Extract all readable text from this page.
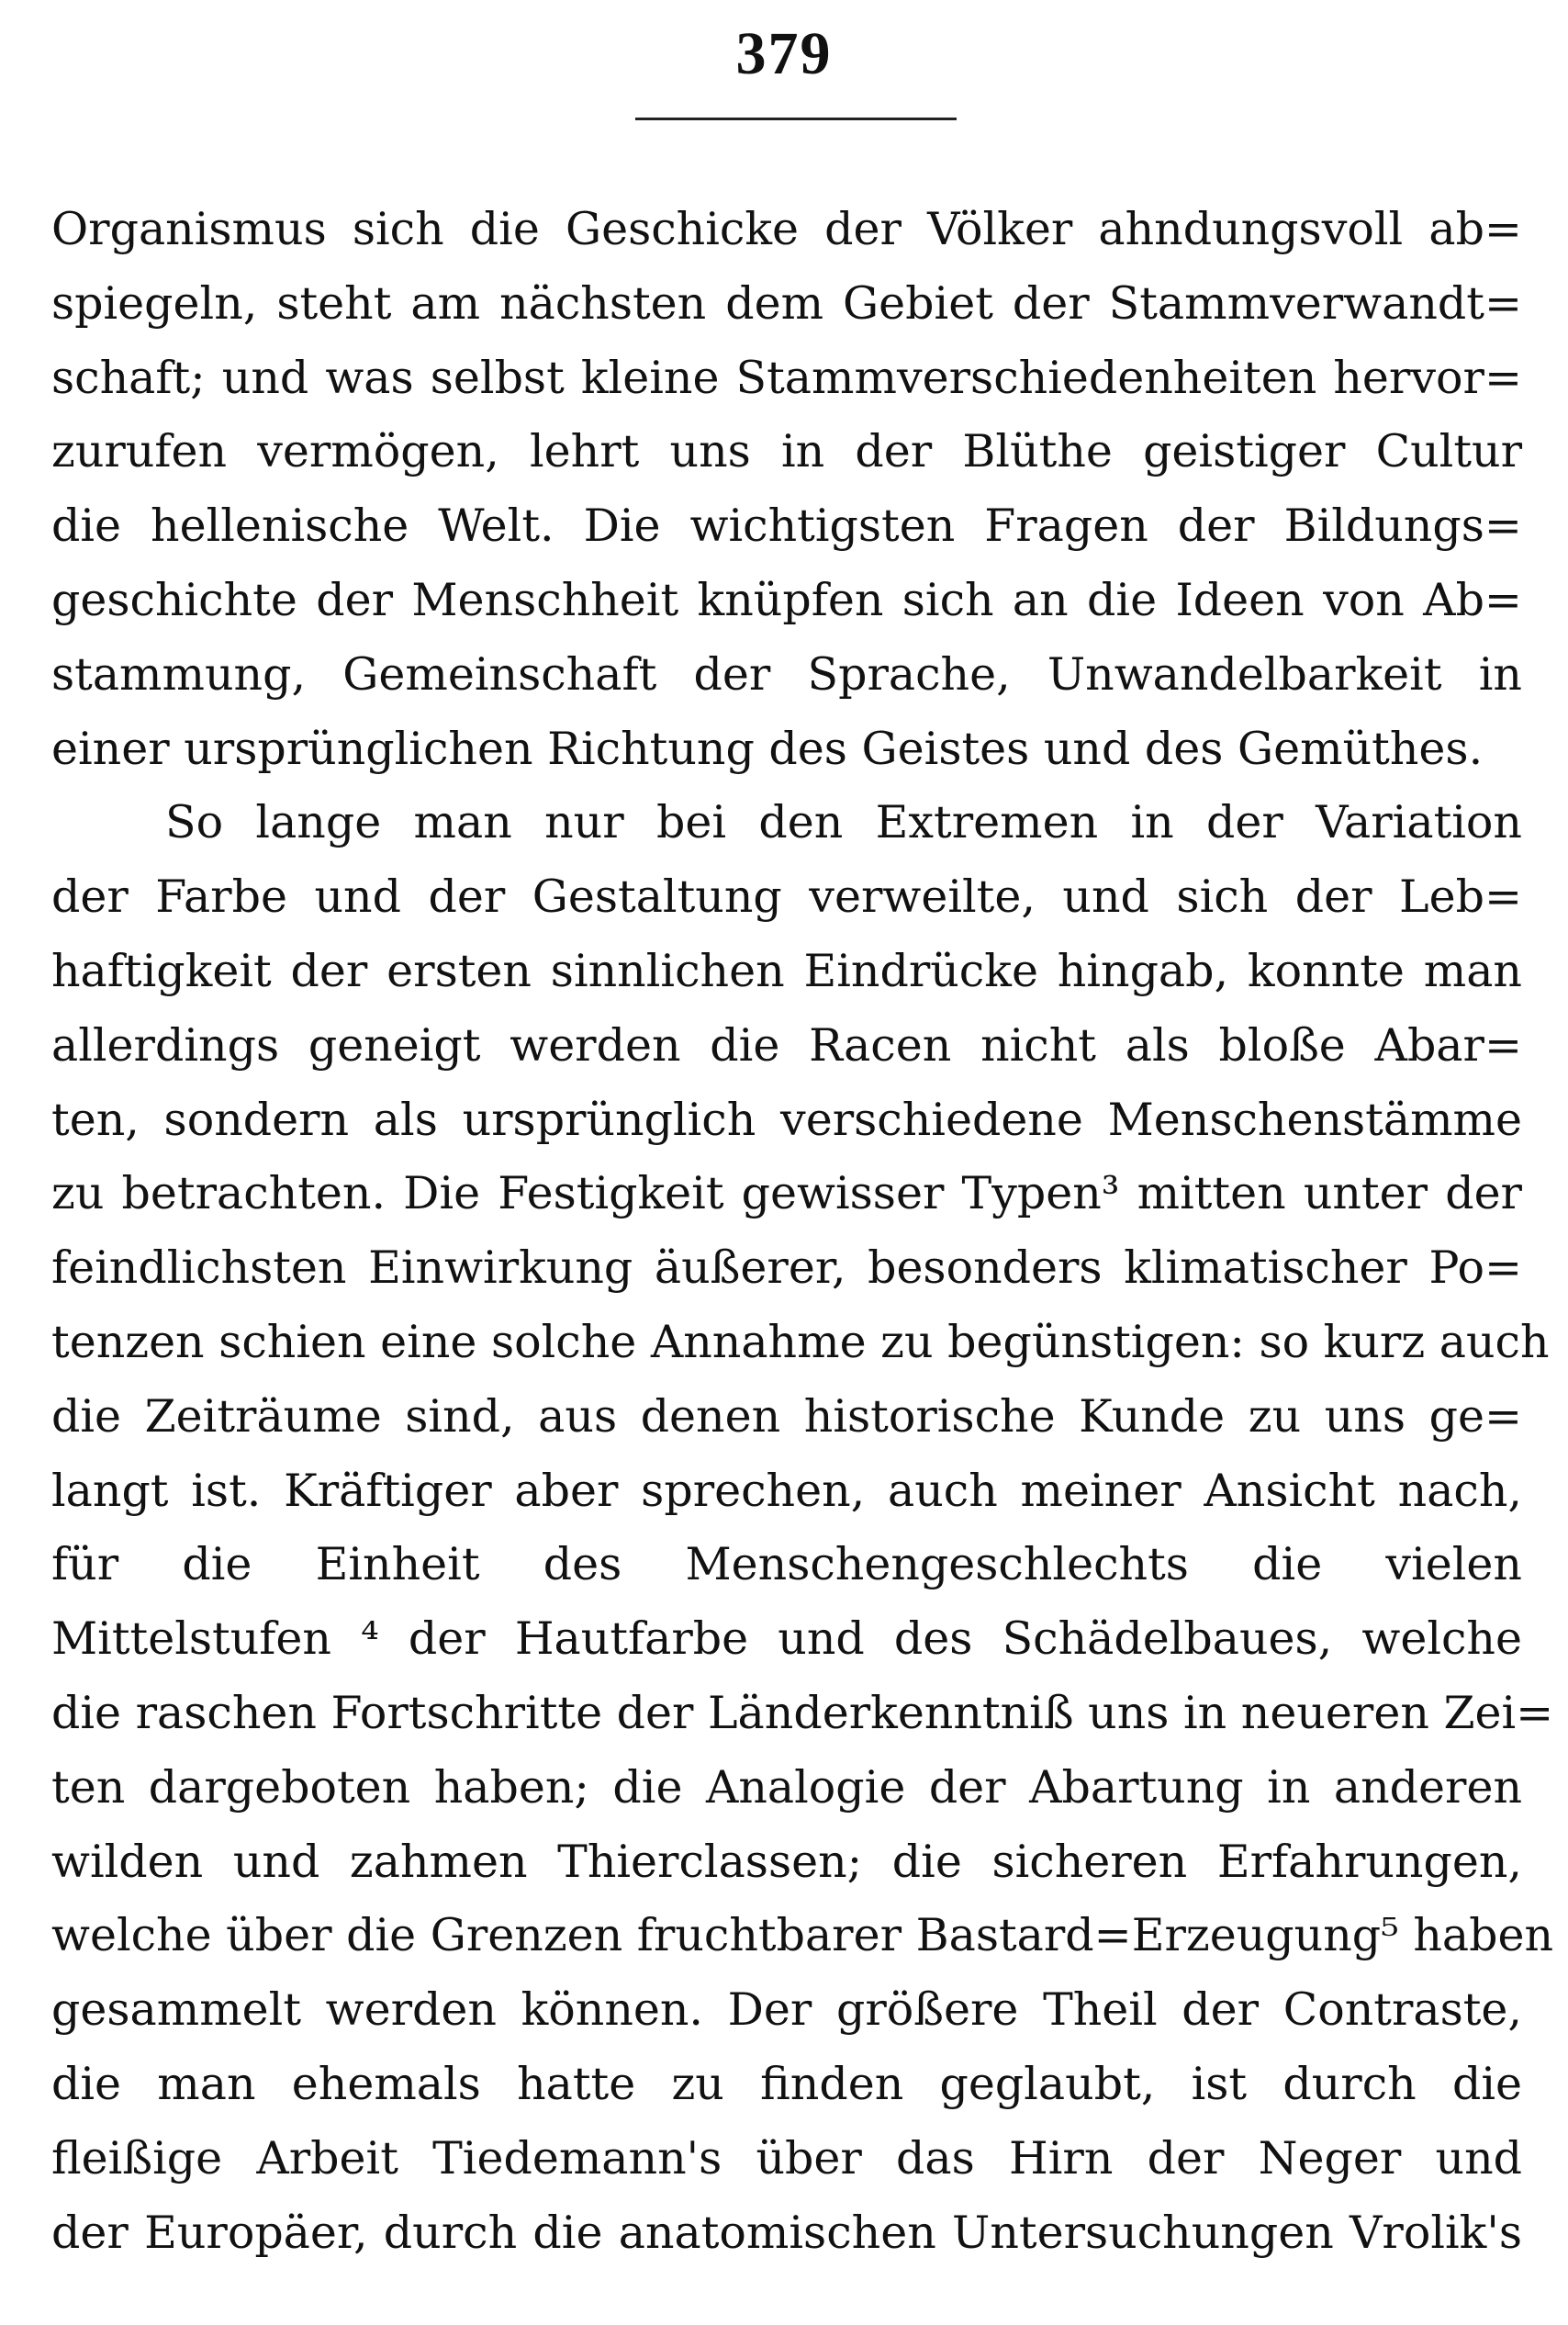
379
Organismus sich die Geschicke der Völker ahndungsvoll ab=
spiegeln, steht am nächsten dem Gebiet der Stammverwandt=
schaft; und was selbst kleine Stammverschiedenheiten hervor=
zurufen vermögen, lehrt uns in der Blüthe geistiger Cultur
die hellenische Welt. Die wichtigsten Fragen der Bildungs=
geschichte der Menschheit knüpfen sich an die Ideen von Ab=
stammung, Gemeinschaft der Sprache, Unwandelbarkeit in
einer ursprünglichen Richtung des Geistes und des Gemüthes.
So lange man nur bei den Extremen in der Variation
der Farbe und der Gestaltung verweilte, und sich der Leb=
haftigkeit der ersten sinnlichen Eindrücke hingab, konnte man
allerdings geneigt werden die Racen nicht als bloße Abar=
ten, sondern als ursprünglich verschiedene Menschenstämme
zu betrachten. Die Festigkeit gewisser Typen³ mitten unter der
feindlichsten Einwirkung äußerer, besonders klimatischer Po=
tenzen schien eine solche Annahme zu begünstigen: so kurz auch
die Zeiträume sind, aus denen historische Kunde zu uns ge=
langt ist. Kräftiger aber sprechen, auch meiner Ansicht nach,
für die Einheit des Menschengeschlechts die vielen
Mittelstufen ⁴ der Hautfarbe und des Schädelbaues, welche
die raschen Fortschritte der Länderkenntniß uns in neueren Zei=
ten dargeboten haben; die Analogie der Abartung in anderen
wilden und zahmen Thierclassen; die sicheren Erfahrungen,
welche über die Grenzen fruchtbarer Bastard=Erzeugung⁵ haben
gesammelt werden können. Der größere Theil der Contraste,
die man ehemals hatte zu finden geglaubt, ist durch die
fleißige Arbeit Tiedemann's über das Hirn der Neger und
der Europäer, durch die anatomischen Untersuchungen Vrolik's
